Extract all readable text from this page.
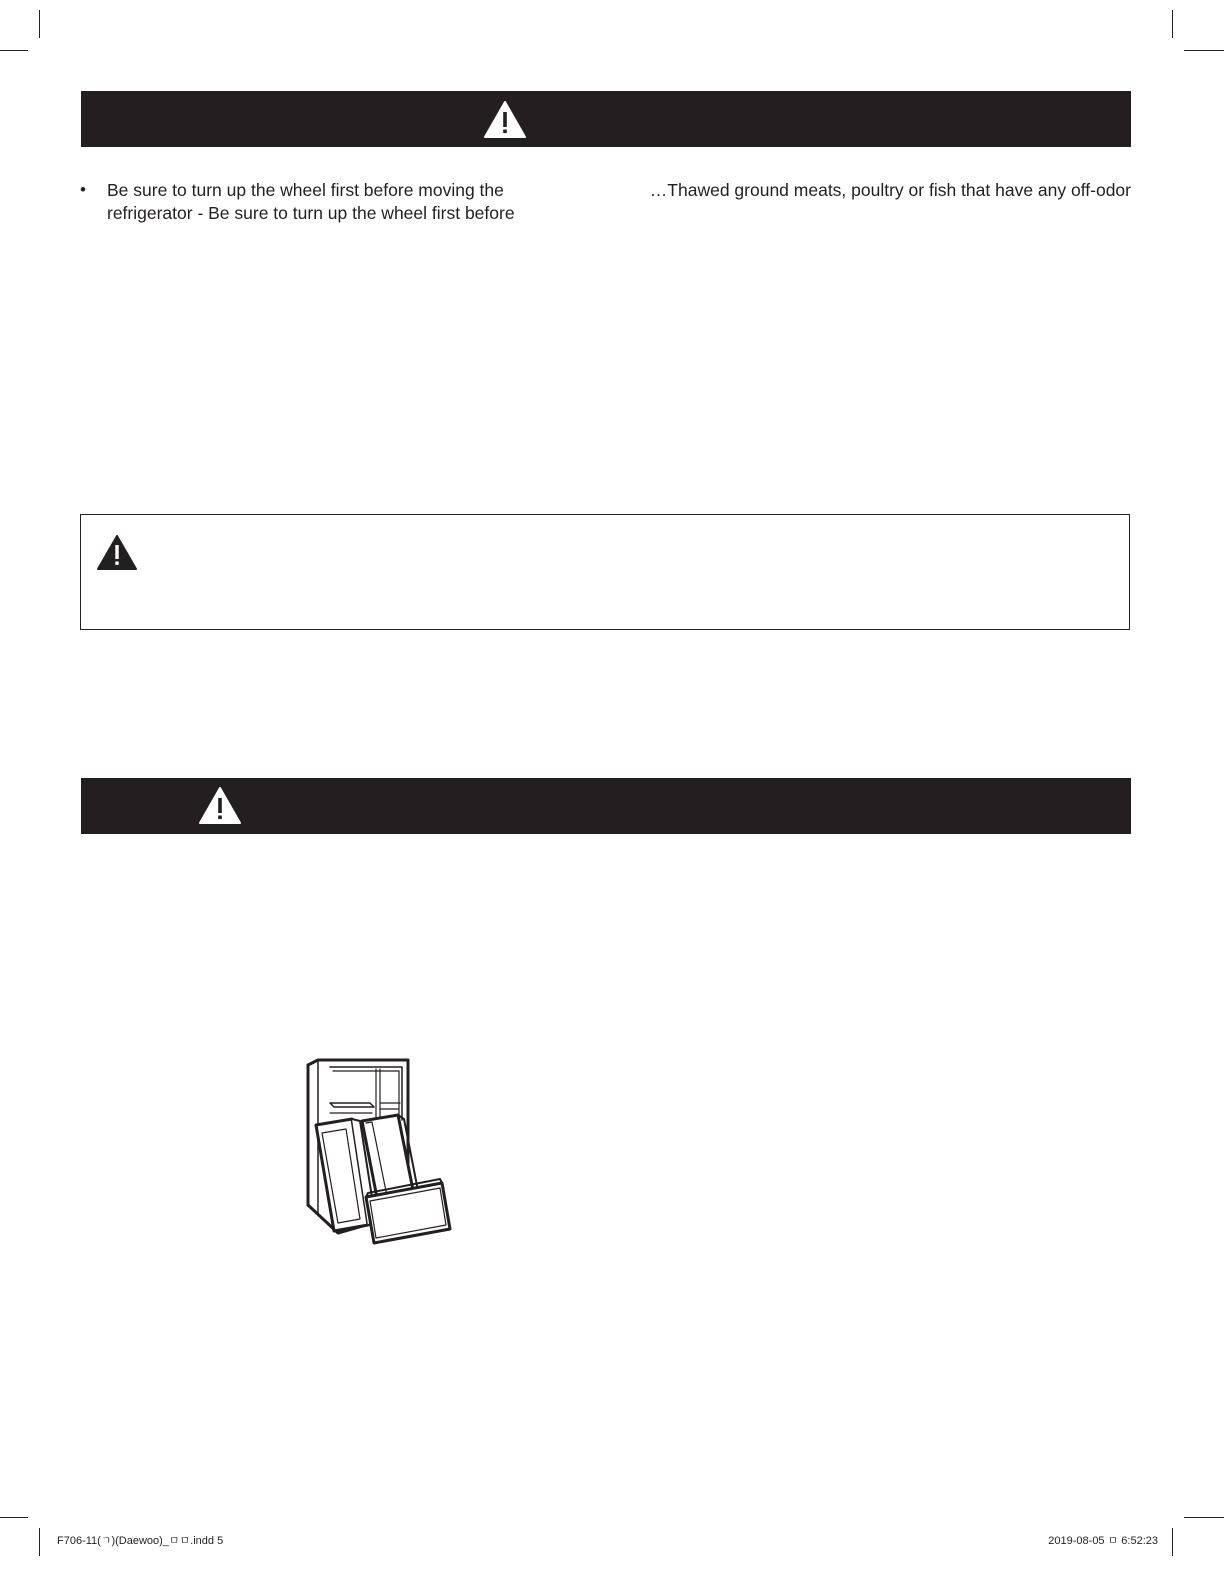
• Be sure to turn up the wheel first before moving the
refrigerator - Be sure to turn up the wheel first before
…Thawed ground meats, poultry or fish that have any off-odor
F706-11(ㄱ)(Daewoo)_ㅁㅁ.indd 5	2019-08-05 ㅁ 6:52:23
